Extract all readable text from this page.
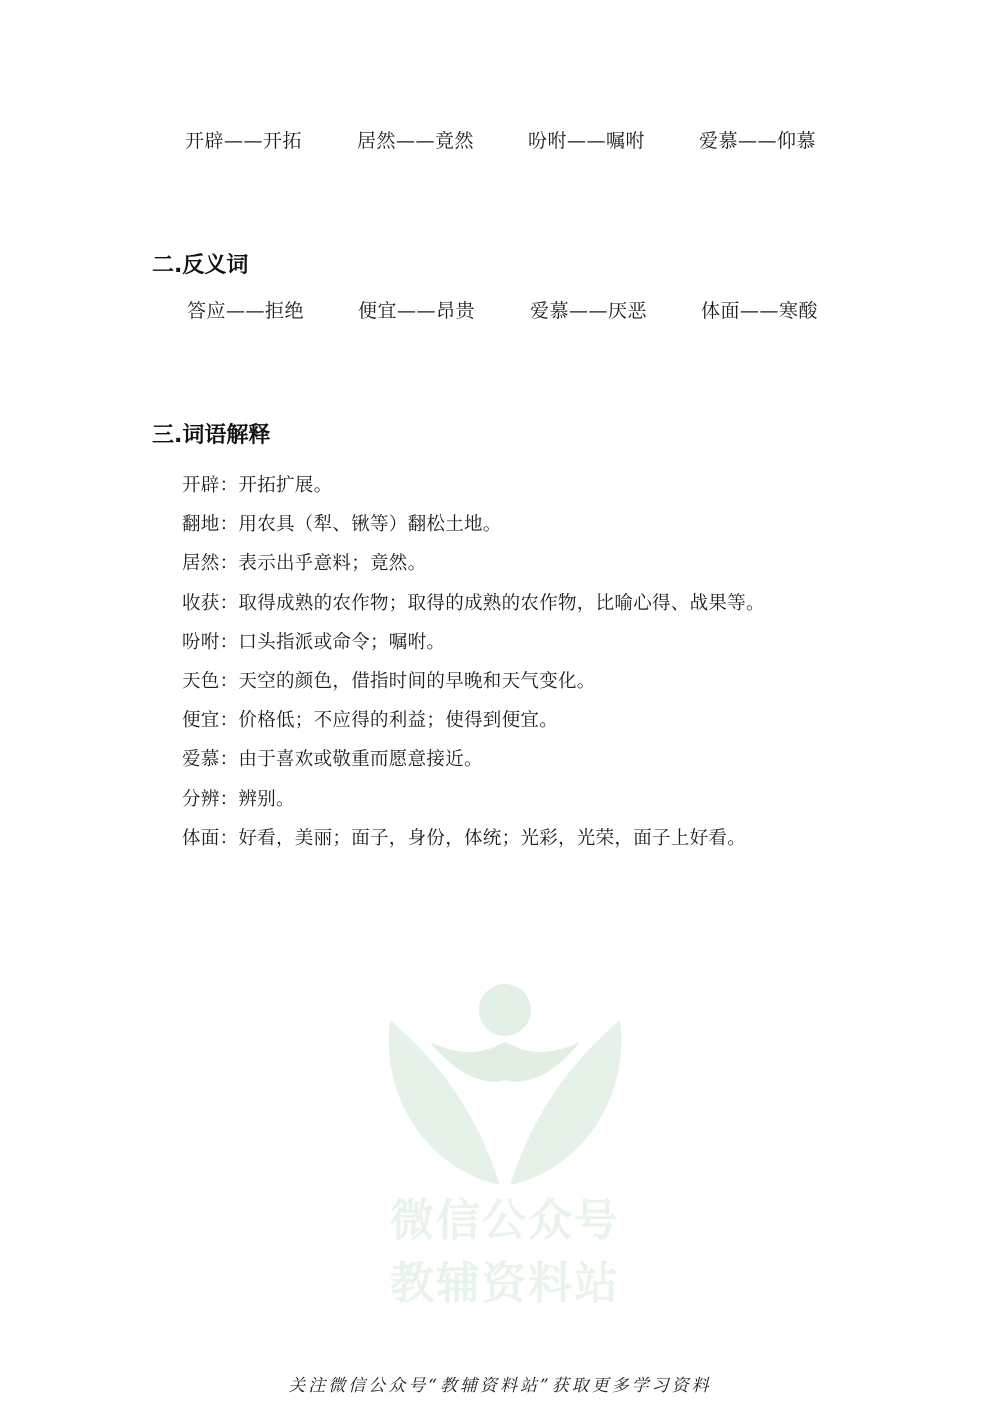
开辟——开拓	居然——竟然	吩咐——嘱咐	爱慕——仰慕
二.反义词
答应——拒绝	便宜——昂贵	爱慕——厌恶	体面——寒酸
三.词语解释
开辟：开拓扩展。
翻地：用农具（犁、锹等）翻松土地。
居然：表示出乎意料；竟然。
收获：取得成熟的农作物；取得的成熟的农作物，比喻心得、战果等。
吩咐：口头指派或命令；嘱咐。
天色：天空的颜色，借指时间的早晚和天气变化。
便宜：价格低；不应得的利益；使得到便宜。
爱慕：由于喜欢或敬重而愿意接近。
分辨：辨别。
体面：好看，美丽；面子，身份，体统；光彩，光荣，面子上好看。
微信公众号
教辅资料站
关注微信公众号“教辅资料站”获取更多学习资料
